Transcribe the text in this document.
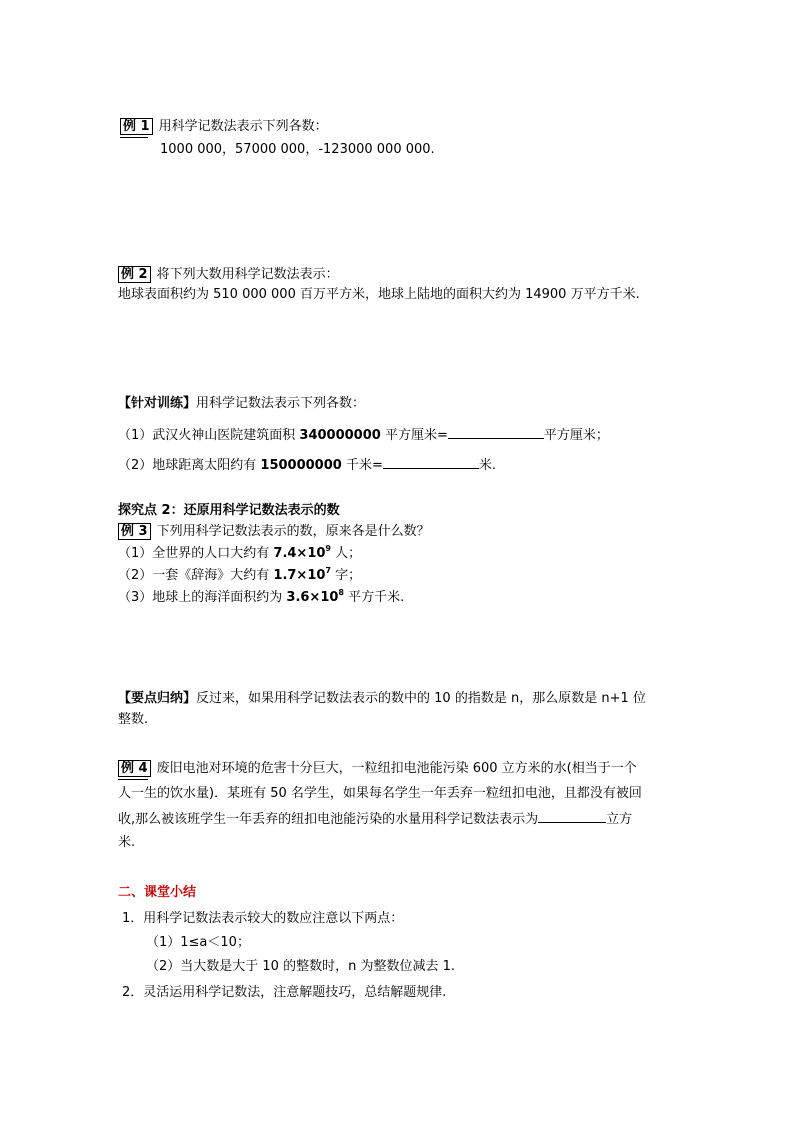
例 1 用科学记数法表示下列各数：
1000 000，57000 000，-123000 000 000.
例 2 将下列大数用科学记数法表示：
地球表面积约为 510 000 000 百万平方米，地球上陆地的面积大约为 14900 万平方千米.
【针对训练】用科学记数法表示下列各数：
（1）武汉火神山医院建筑面积 340000000 平方厘米=	平方厘米；
（2）地球距离太阳约有 150000000 千米=	米.
探究点 2：还原用科学记数法表示的数
例 3 下列用科学记数法表示的数，原来各是什么数？
（1）全世界的人口大约有 $7.4\times 10^9$ 人；
（2）一套《辞海》大约有 $1.7\times 10^7$ 字；
（3）地球上的海洋面积约为 $3.6\times 10^8$ 平方千米.
【要点归纳】反过来，如果用科学记数法表示的数中的 10 的指数是 n，那么原数是 n+1 位
整数.
例 4 废旧电池对环境的危害十分巨大，一粒纽扣电池能污染 600 立方米的水(相当于一个
人一生的饮水量)．某班有 50 名学生，如果每名学生一年丢弃一粒纽扣电池，且都没有被回
收,那么被该班学生一年丢弃的纽扣电池能污染的水量用科学记数法表示为	立方
米.
二、课堂小结
1．用科学记数法表示较大的数应注意以下两点：
（1）1≤a＜10；
（2）当大数是大于 10 的整数时，n 为整数位减去 1.
2．灵活运用科学记数法，注意解题技巧，总结解题规律.
